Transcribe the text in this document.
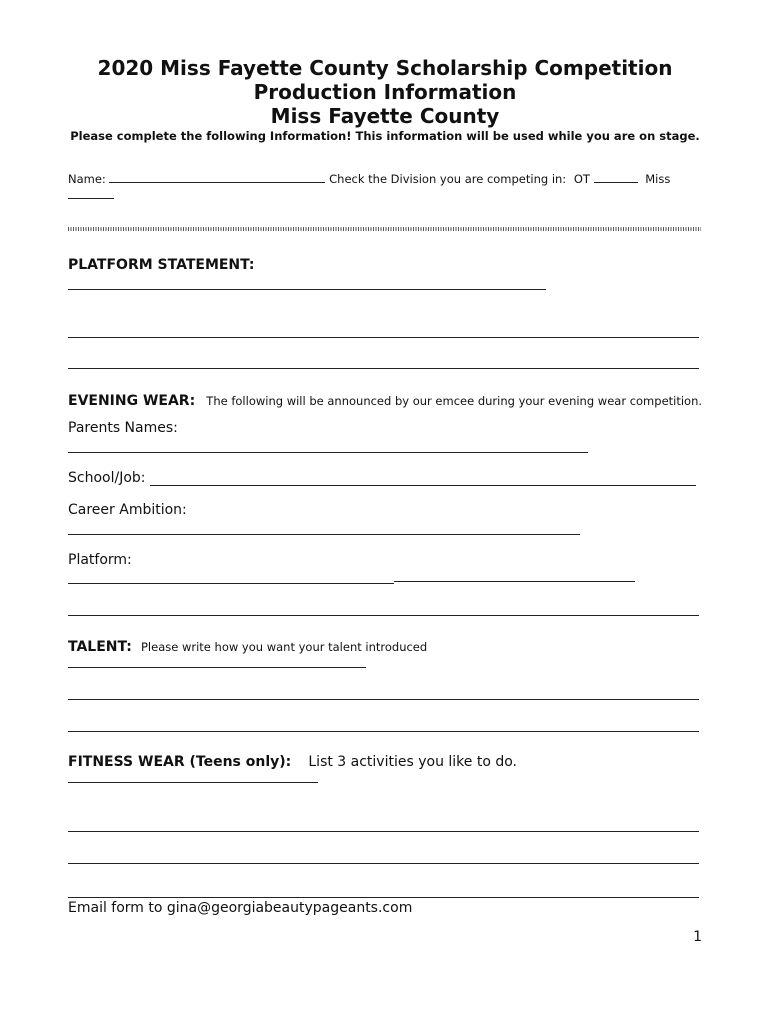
2020 Miss Fayette County Scholarship Competition
Production Information
Miss Fayette County
Please complete the following Information! This information will be used while you are on stage.
Name:	Check the Division you are competing in: OT	Miss
PLATFORM STATEMENT:
EVENING WEAR: The following will be announced by our emcee during your evening wear competition.
Parents Names:
School/Job:
Career Ambition:
Platform:
TALENT: Please write how you want your talent introduced
FITNESS WEAR (Teens only): List 3 activities you like to do.
Email form to gina@georgiabeautypageants.com
1
